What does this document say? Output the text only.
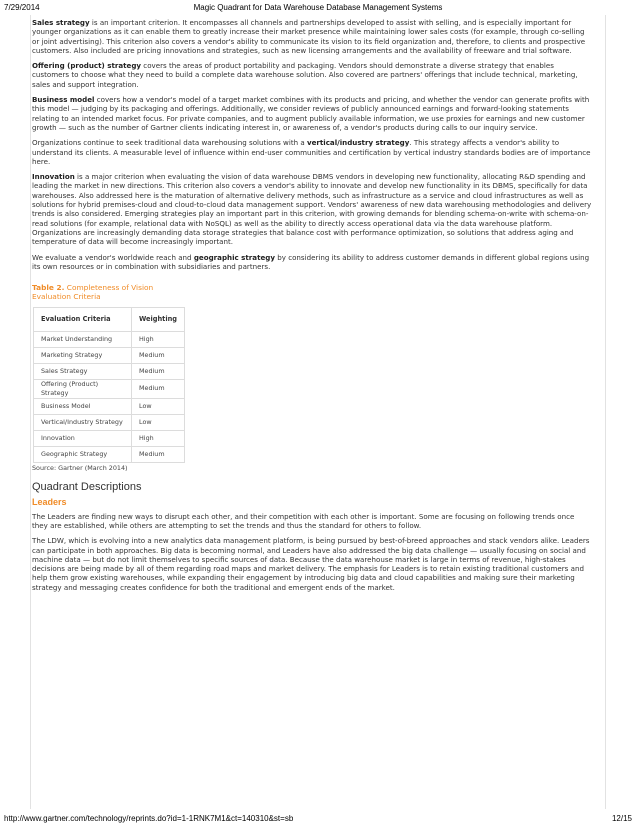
7/29/2014	Magic Quadrant for Data Warehouse Database Management Systems

Sales strategy is an important criterion. It encompasses all channels and partnerships developed to assist with selling, and is especially important for younger organizations as it can enable them to greatly increase their market presence while maintaining lower sales costs (for example, through co-selling or joint advertising). This criterion also covers a vendor's ability to communicate its vision to its field organization and, therefore, to clients and prospective customers. Also included are pricing innovations and strategies, such as new licensing arrangements and the availability of freeware and trial software.

Offering (product) strategy covers the areas of product portability and packaging. Vendors should demonstrate a diverse strategy that enables customers to choose what they need to build a complete data warehouse solution. Also covered are partners' offerings that include technical, marketing, sales and support integration.

Business model covers how a vendor's model of a target market combines with its products and pricing, and whether the vendor can generate profits with this model — judging by its packaging and offerings. Additionally, we consider reviews of publicly announced earnings and forward-looking statements relating to an intended market focus. For private companies, and to augment publicly available information, we use proxies for earnings and new customer growth — such as the number of Gartner clients indicating interest in, or awareness of, a vendor's products during calls to our inquiry service.

Organizations continue to seek traditional data warehousing solutions with a vertical/industry strategy. This strategy affects a vendor's ability to understand its clients. A measurable level of influence within end-user communities and certification by vertical industry standards bodies are of importance here.

Innovation is a major criterion when evaluating the vision of data warehouse DBMS vendors in developing new functionality, allocating R&D spending and leading the market in new directions. This criterion also covers a vendor's ability to innovate and develop new functionality in its DBMS, specifically for data warehouses. Also addressed here is the maturation of alternative delivery methods, such as infrastructure as a service and cloud infrastructures as well as solutions for hybrid premises-cloud and cloud-to-cloud data management support. Vendors' awareness of new data warehousing methodologies and delivery trends is also considered. Emerging strategies play an important part in this criterion, with growing demands for blending schema-on-write with schema-on-read solutions (for example, relational data with NoSQL) as well as the ability to directly access operational data via the data warehouse platform. Organizations are increasingly demanding data storage strategies that balance cost with performance optimization, so solutions that address aging and temperature of data will become increasingly important.

We evaluate a vendor's worldwide reach and geographic strategy by considering its ability to address customer demands in different global regions using its own resources or in combination with subsidiaries and partners.

Table 2. Completeness of Vision
Evaluation Criteria
Evaluation Criteria	Weighting
Market Understanding	High
Marketing Strategy	Medium
Sales Strategy	Medium
Offering (Product) Strategy	Medium
Business Model	Low
Vertical/Industry Strategy	Low
Innovation	High
Geographic Strategy	Medium
Source: Gartner (March 2014)
Quadrant Descriptions
Leaders

The Leaders are finding new ways to disrupt each other, and their competition with each other is important. Some are focusing on following trends once they are established, while others are attempting to set the trends and thus the standard for others to follow.

The LDW, which is evolving into a new analytics data management platform, is being pursued by best-of-breed approaches and stack vendors alike. Leaders can participate in both approaches. Big data is becoming normal, and Leaders have also addressed the big data challenge — usually focusing on social and machine data — but do not limit themselves to specific sources of data. Because the data warehouse market is large in terms of revenue, high-stakes decisions are being made by all of them regarding road maps and market delivery. The emphasis for Leaders is to retain existing traditional customers and help them grow existing warehouses, while expanding their engagement by introducing big data and cloud capabilities and making sure their marketing strategy and messaging creates confidence for both the traditional and emergent ends of the market.

http://www.gartner.com/technology/reprints.do?id=1-1RNK7M1&ct=140310&st=sb	12/15
